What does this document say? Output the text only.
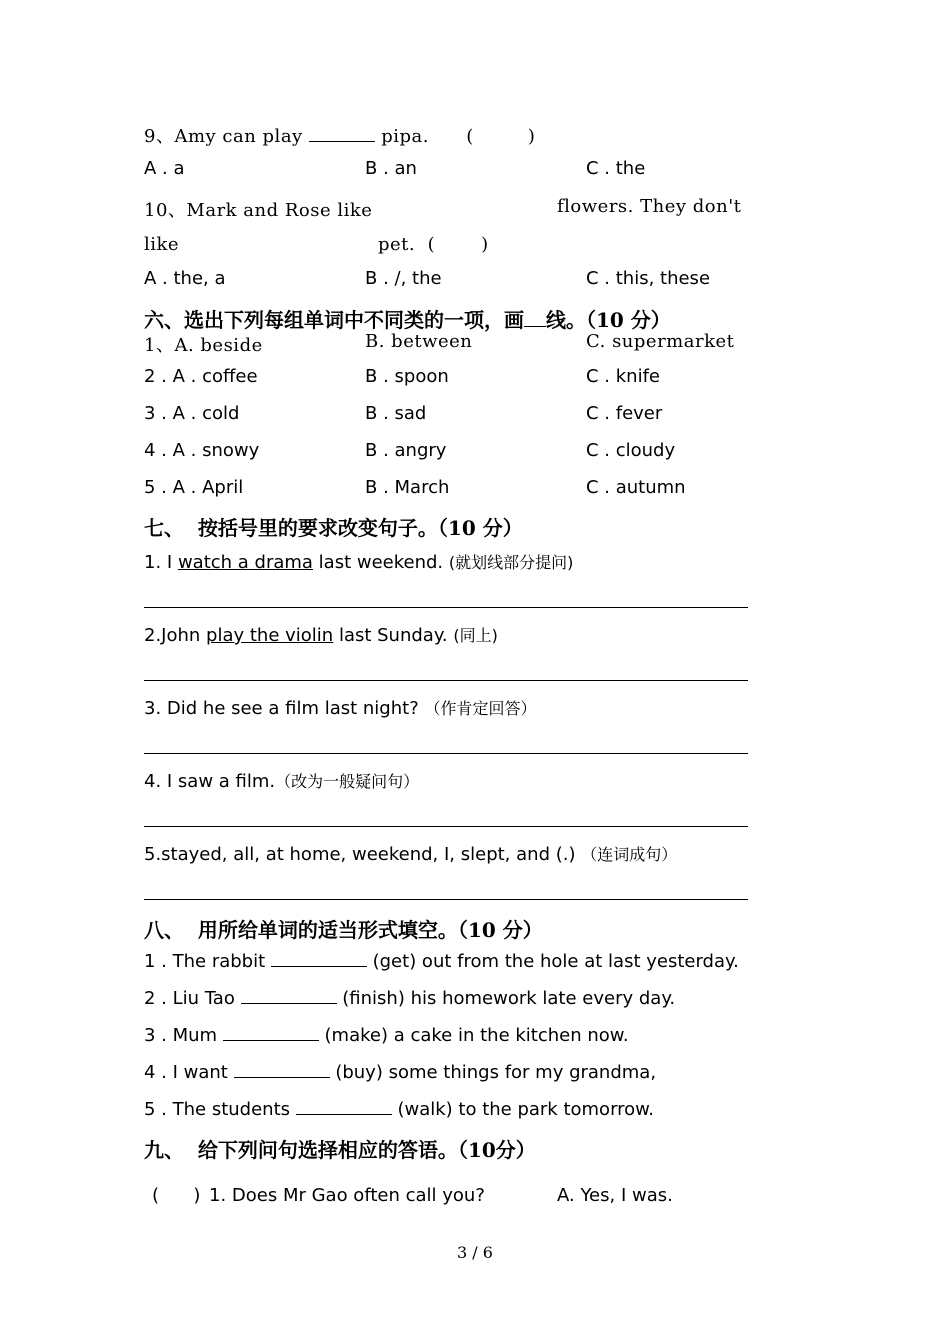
9、Amy can play	pipa. (	)
A . a	B . an	C . the
10、Mark and Rose like	flowers. They don't
like	pet. (	)
A . the, a	B . /, the	C . this, these
六、选出下列每组单词中不同类的一项，画 线。（10 分）
1、A. beside	B. between	C. supermarket
2 . A . coffee	B . spoon	C . knife
3 . A . cold	B . sad	C . fever
4 . A . snowy	B . angry	C . cloudy
5 . A . April	B . March	C . autumn
七、  按括号里的要求改变句子。（10 分）
1. I watch a drama last weekend. (就划线部分提问)
2.John play the violin last Sunday. (同上)
3. Did he see a film last night? （作肯定回答）
4. I saw a film.（改为一般疑问句）
5.stayed, all, at home, weekend, I, slept, and (.) （连词成句）
八、  用所给单词的适当形式填空。（10 分）
1 . The rabbit	(get) out from the hole at last yesterday.
2 . Liu Tao	(finish) his homework late every day.
3 . Mum	(make) a cake in the kitchen now.
4 . I want	(buy) some things for my grandma,
5 . The students	(walk) to the park tomorrow.
九、  给下列问句选择相应的答语。（10分）
(      ) 1. Does Mr Gao often call you?	A. Yes, I was.
3 / 6
